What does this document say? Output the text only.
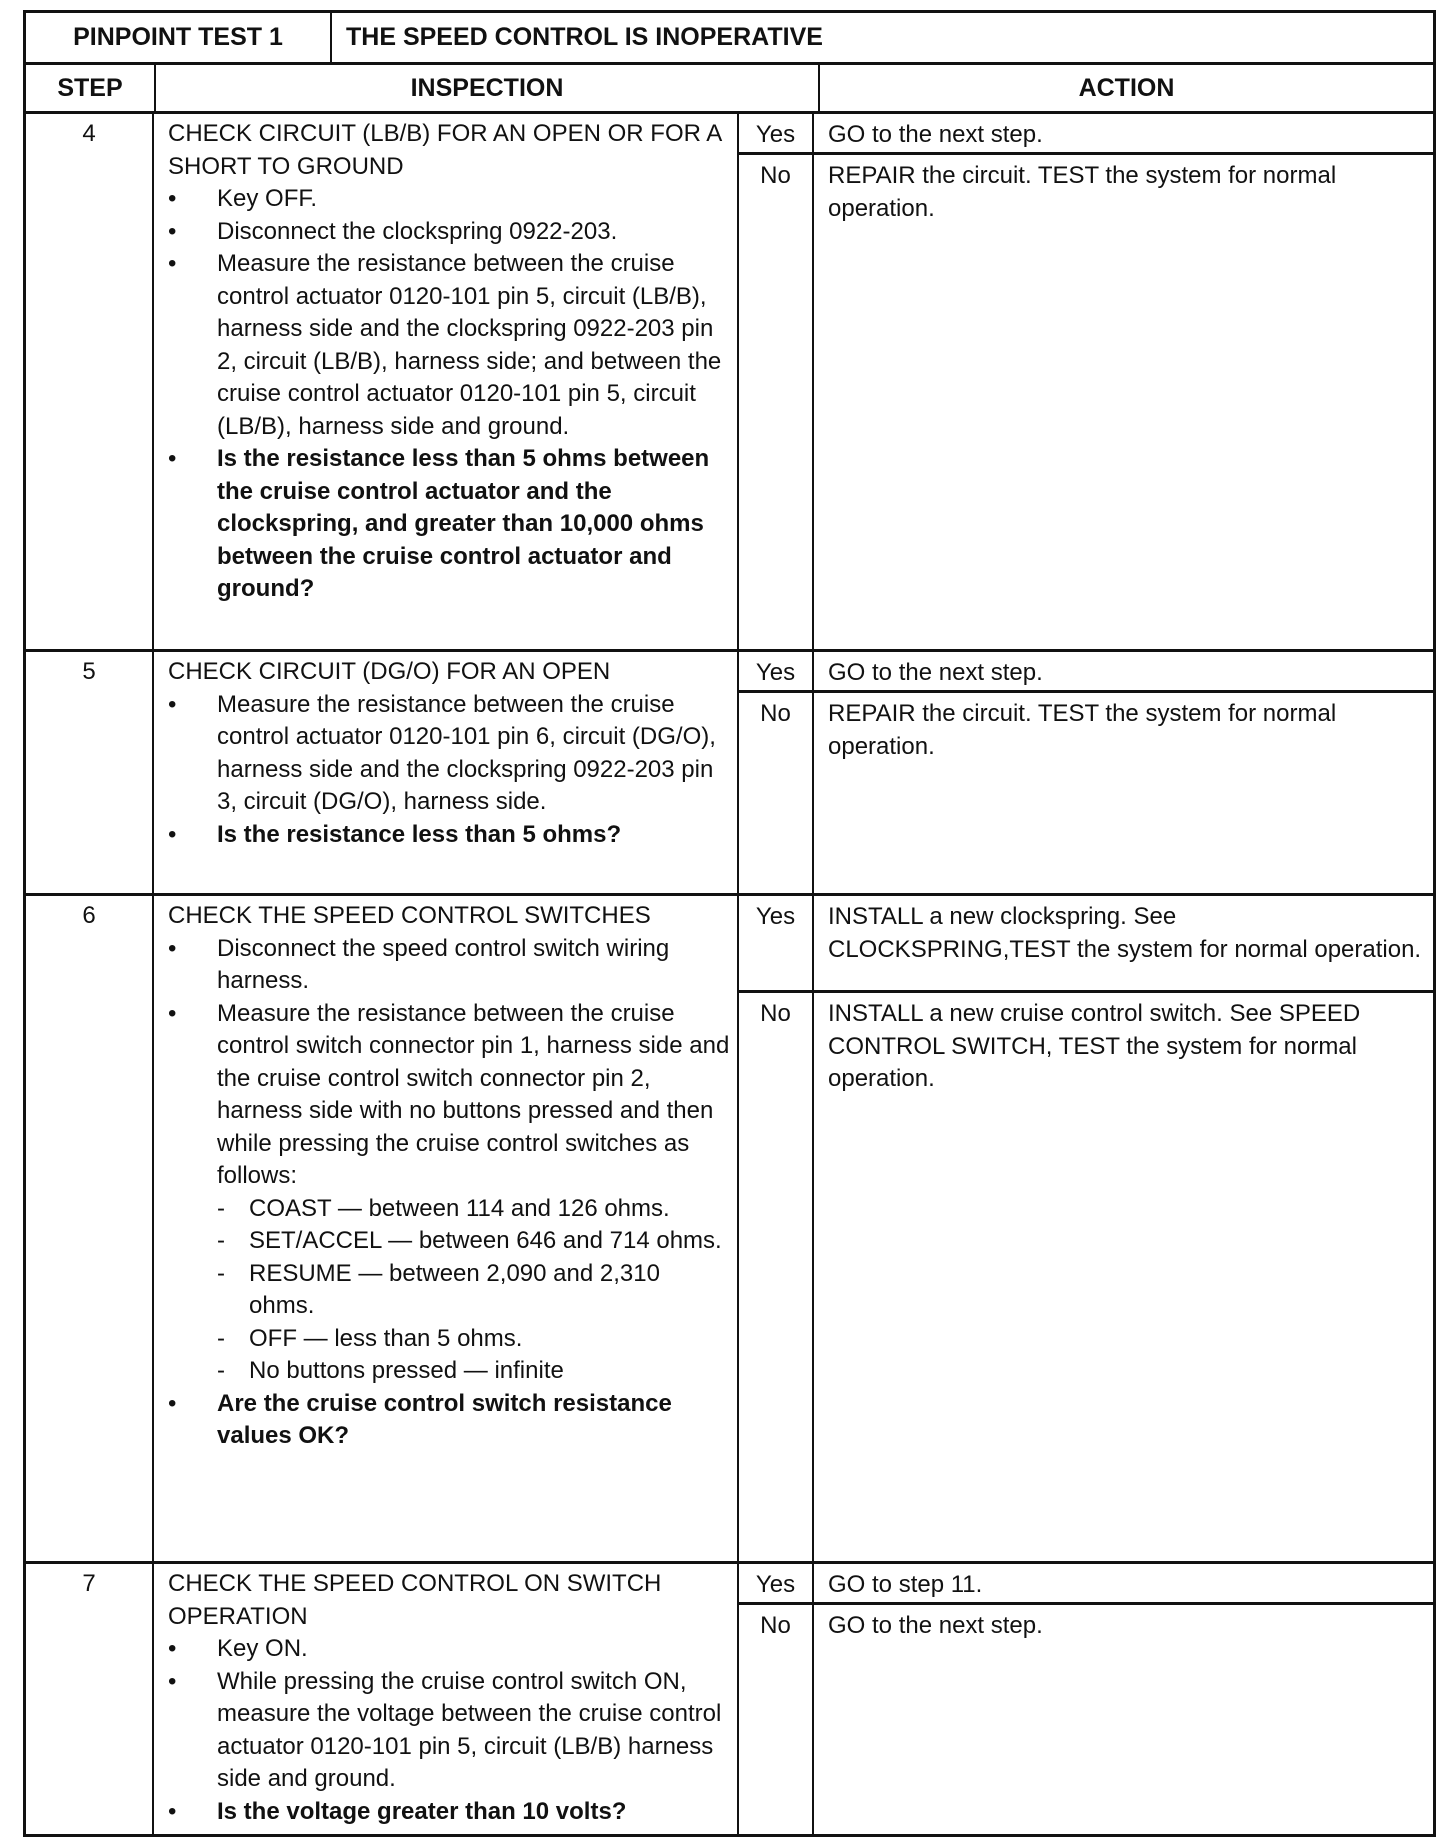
PINPOINT TEST 1	THE SPEED CONTROL IS INOPERATIVE
STEP	INSPECTION	ACTION
4	CHECK CIRCUIT (LB/B) FOR AN OPEN OR FOR A SHORT TO GROUND
•	Key OFF.
•	Disconnect the clockspring 0922-203.
•	Measure the resistance between the cruise control actuator 0120-101 pin 5, circuit (LB/B), harness side and the clockspring 0922-203 pin 2, circuit (LB/B), harness side; and between the cruise control actuator 0120-101 pin 5, circuit (LB/B), harness side and ground.
•	Is the resistance less than 5 ohms between the cruise control actuator and the clockspring, and greater than 10,000 ohms between the cruise control actuator and ground?
Yes	GO to the next step.
No	REPAIR the circuit. TEST the system for normal operation.
5	CHECK CIRCUIT (DG/O) FOR AN OPEN
•	Measure the resistance between the cruise control actuator 0120-101 pin 6, circuit (DG/O), harness side and the clockspring 0922-203 pin 3, circuit (DG/O), harness side.
•	Is the resistance less than 5 ohms?
Yes	GO to the next step.
No	REPAIR the circuit. TEST the system for normal operation.
6	CHECK THE SPEED CONTROL SWITCHES
•	Disconnect the speed control switch wiring harness.
•	Measure the resistance between the cruise control switch connector pin 1, harness side and the cruise control switch connector pin 2, harness side with no buttons pressed and then while pressing the cruise control switches as follows:
-	COAST — between 114 and 126 ohms.
-	SET/ACCEL — between 646 and 714 ohms.
-	RESUME — between 2,090 and 2,310 ohms.
-	OFF — less than 5 ohms.
-	No buttons pressed — infinite
•	Are the cruise control switch resistance values OK?
Yes	INSTALL a new clockspring. See CLOCKSPRING,TEST the system for normal operation.
No	INSTALL a new cruise control switch. See SPEED CONTROL SWITCH, TEST the system for normal operation.
7	CHECK THE SPEED CONTROL ON SWITCH OPERATION
•	Key ON.
•	While pressing the cruise control switch ON, measure the voltage between the cruise control actuator 0120-101 pin 5, circuit (LB/B) harness side and ground.
•	Is the voltage greater than 10 volts?
Yes	GO to step 11.
No	GO to the next step.
